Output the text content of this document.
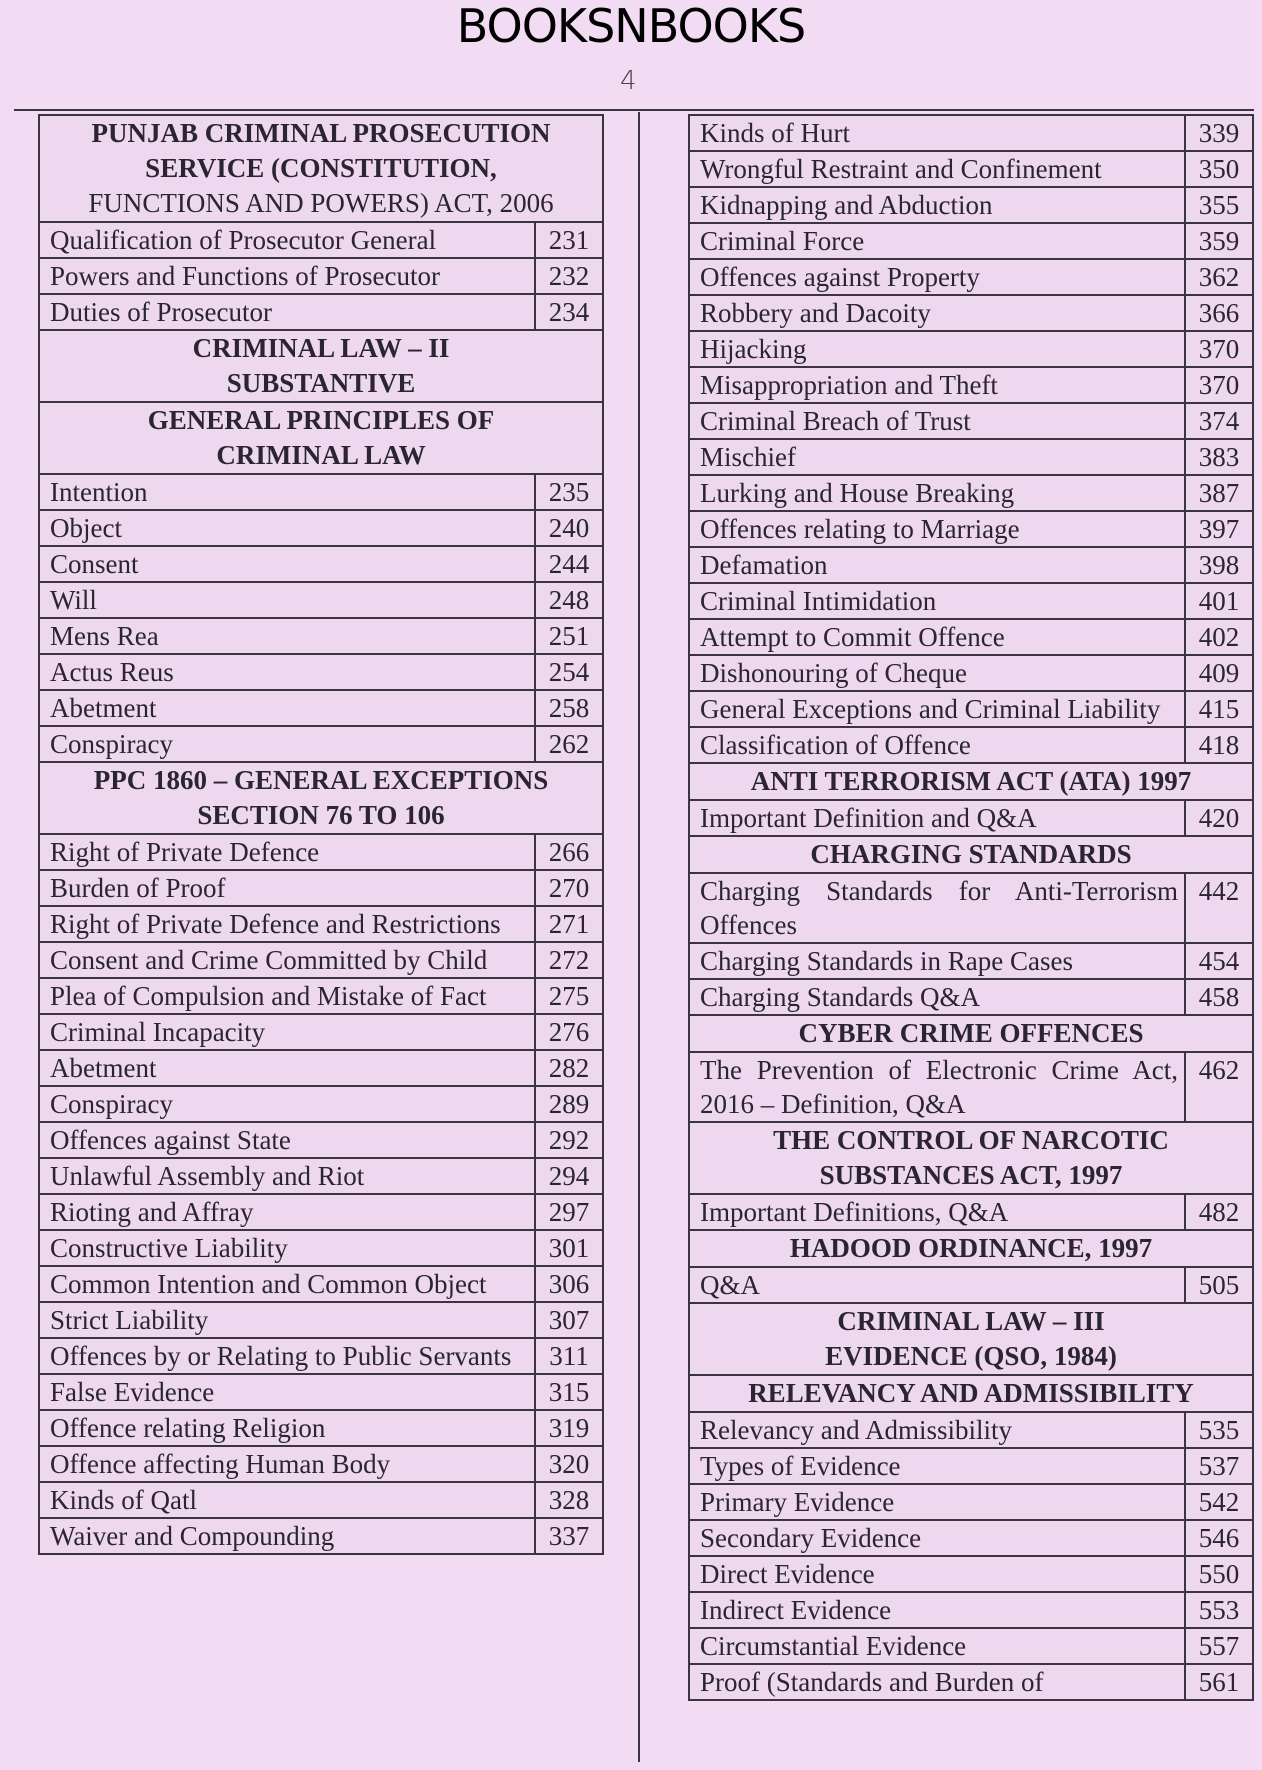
BOOKSNBOOKS
4
PUNJAB CRIMINAL PROSECUTION
SERVICE (CONSTITUTION,
FUNCTIONS AND POWERS) ACT, 2006	

Qualification of Prosecutor General	231
Powers and Functions of Prosecutor	232
Duties of Prosecutor	234

CRIMINAL LAW – II
SUBSTANTIVE	

GENERAL PRINCIPLES OF
CRIMINAL LAW	

Intention	235
Object	240
Consent	244
Will	248
Mens Rea	251
Actus Reus	254
Abetment	258
Conspiracy	262

PPC 1860 – GENERAL EXCEPTIONS
SECTION 76 TO 106	

Right of Private Defence	266
Burden of Proof	270
Right of Private Defence and Restrictions	271
Consent and Crime Committed by Child	272
Plea of Compulsion and Mistake of Fact	275
Criminal Incapacity	276
Abetment	282
Conspiracy	289
Offences against State	292
Unlawful Assembly and Riot	294
Rioting and Affray	297
Constructive Liability	301
Common Intention and Common Object	306
Strict Liability	307
Offences by or Relating to Public Servants	311
False Evidence	315
Offence relating Religion	319
Offence affecting Human Body	320
Kinds of Qatl	328
Waiver and Compounding	337
Kinds of Hurt	339
Wrongful Restraint and Confinement	350
Kidnapping and Abduction	355
Criminal Force	359
Offences against Property	362
Robbery and Dacoity	366
Hijacking	370
Misappropriation and Theft	370
Criminal Breach of Trust	374
Mischief	383
Lurking and House Breaking	387
Offences relating to Marriage	397
Defamation	398
Criminal Intimidation	401
Attempt to Commit Offence	402
Dishonouring of Cheque	409
General Exceptions and Criminal Liability	415
Classification of Offence	418

ANTI TERRORISM ACT (ATA) 1997	

Important Definition and Q&A	420

CHARGING STANDARDS	

Charging Standards for Anti-Terrorism Offences	442
Charging Standards in Rape Cases	454
Charging Standards Q&A	458

CYBER CRIME OFFENCES	

The Prevention of Electronic Crime Act, 2016 – Definition, Q&A	462

THE CONTROL OF NARCOTIC
SUBSTANCES ACT, 1997	

Important Definitions, Q&A	482

HADOOD ORDINANCE, 1997	

Q&A	505

CRIMINAL LAW – III
EVIDENCE (QSO, 1984)	

RELEVANCY AND ADMISSIBILITY	

Relevancy and Admissibility	535
Types of Evidence	537
Primary Evidence	542
Secondary Evidence	546
Direct Evidence	550
Indirect Evidence	553
Circumstantial Evidence	557
Proof (Standards and Burden of	561
